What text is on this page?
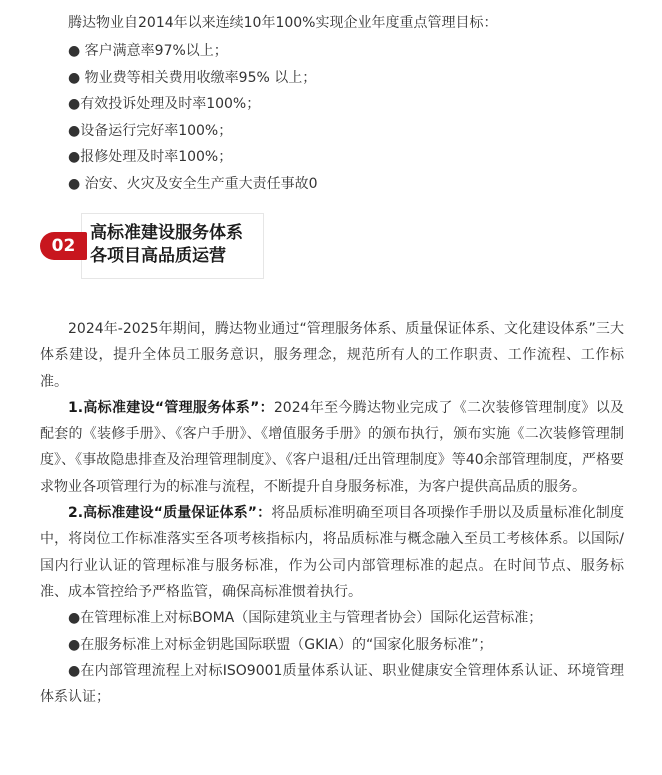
腾达物业自2014年以来连续10年100%实现企业年度重点管理目标：

● 客户满意率97%以上；
● 物业费等相关费用收缴率95% 以上；
●有效投诉处理及时率100%；
●设备运行完好率100%；
●报修处理及时率100%；
● 治安、火灾及安全生产重大责任事故0
02
高标准建设服务体系
各项目高品质运营

2024年-2025年期间，腾达物业通过“管理服务体系、质量保证体系、文化建设体系”三大体系建设，提升全体员工服务意识，服务理念，规范所有人的工作职责、工作流程、工作标准。

1.高标准建设“管理服务体系”：2024年至今腾达物业完成了《二次装修管理制度》以及配套的《装修手册》、《客户手册》、《增值服务手册》的颁布执行，颁布实施《二次装修管理制度》、《事故隐患排查及治理管理制度》、《客户退租/迁出管理制度》等40余部管理制度，严格要求物业各项管理行为的标准与流程，不断提升自身服务标准，为客户提供高品质的服务。

2.高标准建设“质量保证体系”：将品质标准明确至项目各项操作手册以及质量标准化制度中，将岗位工作标准落实至各项考核指标内，将品质标准与概念融入至员工考核体系。以国际/国内行业认证的管理标准与服务标准，作为公司内部管理标准的起点。在时间节点、服务标准、成本管控给予严格监管，确保高标准惯着执行。

●在管理标准上对标BOMA（国际建筑业主与管理者协会）国际化运营标准；

●在服务标准上对标金钥匙国际联盟（GKIA）的“国家化服务标准”；

●在内部管理流程上对标ISO9001质量体系认证、职业健康安全管理体系认证、环境管理体系认证；
